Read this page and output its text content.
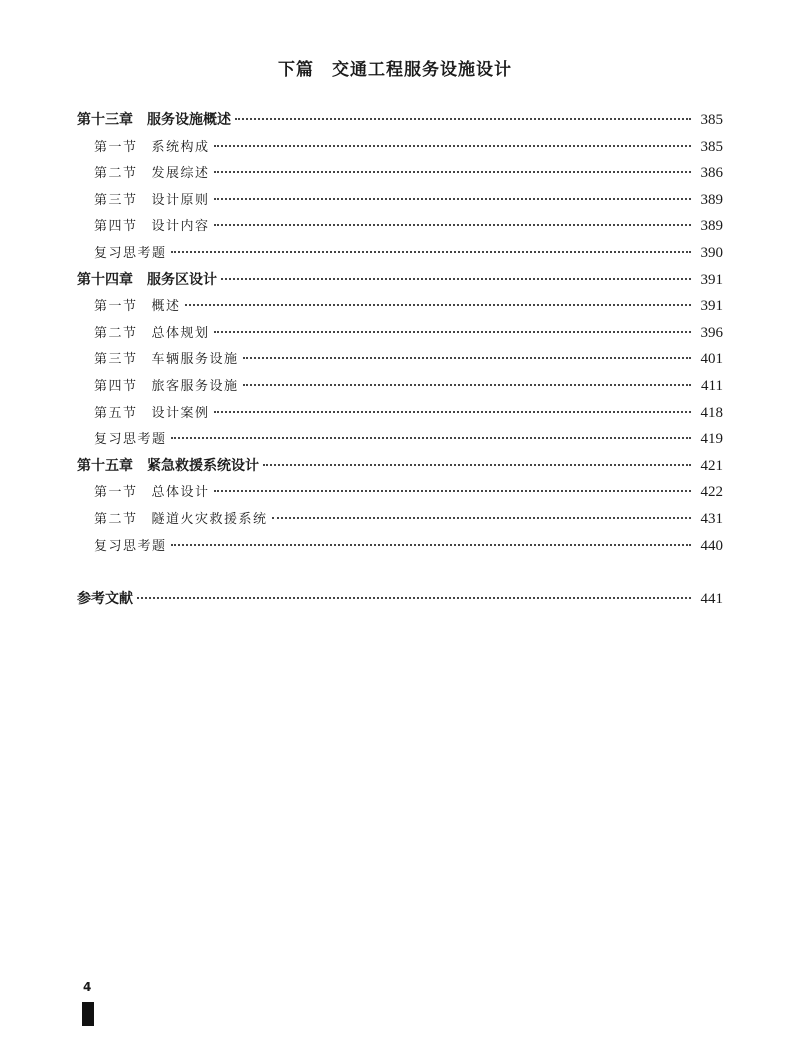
下篇　交通工程服务设施设计
第十三章 服务设施概述	385
第一节 系统构成	385
第二节 发展综述	386
第三节 设计原则	389
第四节 设计内容	389
复习思考题	390
第十四章 服务区设计	391
第一节 概述	391
第二节 总体规划	396
第三节 车辆服务设施	401
第四节 旅客服务设施	411
第五节 设计案例	418
复习思考题	419
第十五章 紧急救援系统设计	421
第一节 总体设计	422
第二节 隧道火灾救援系统	431
复习思考题	440
参考文献	441
4
